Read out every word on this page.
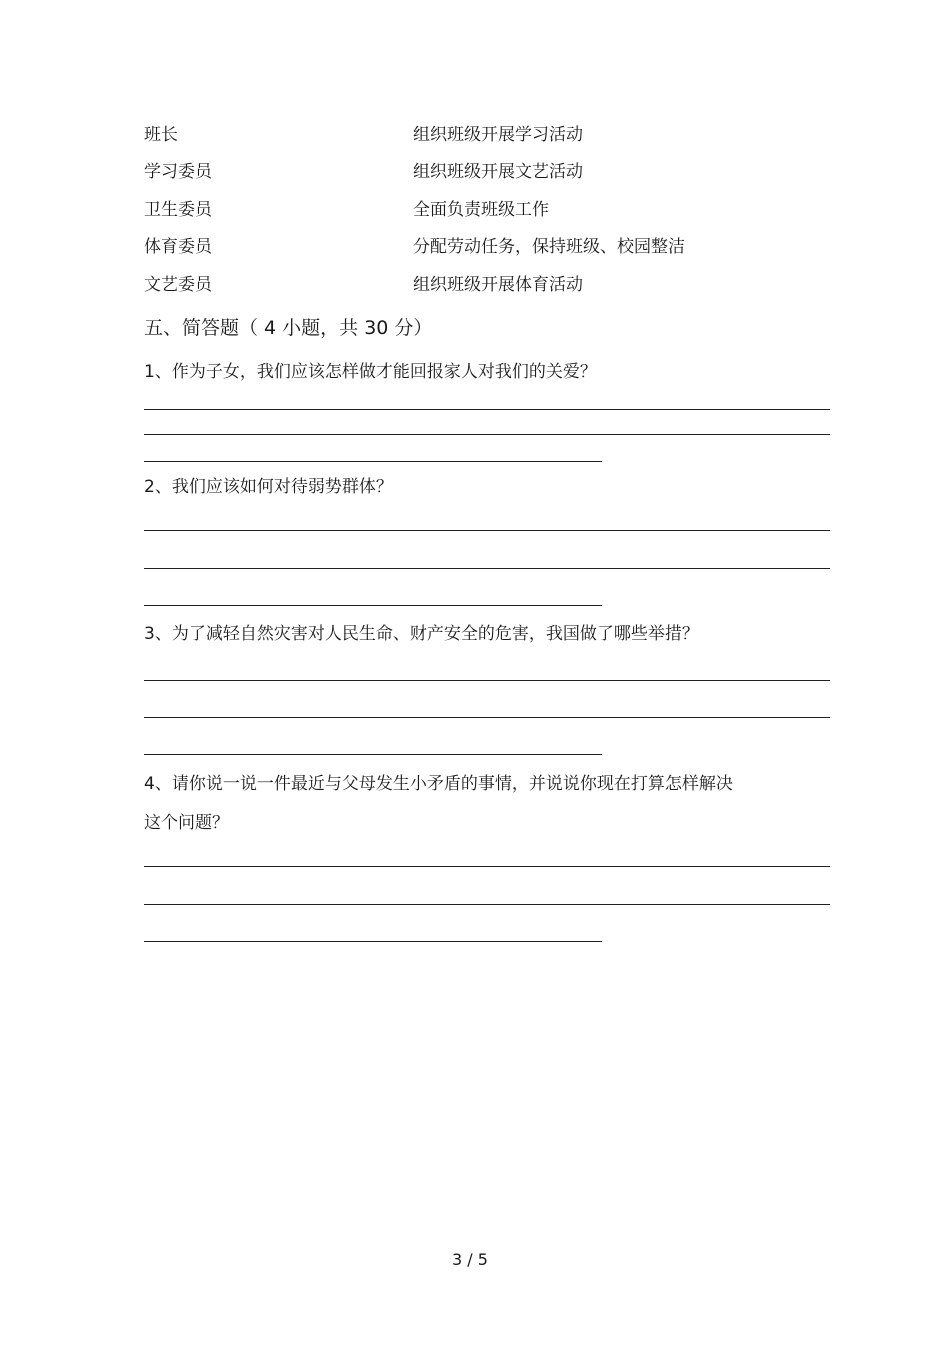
班长	组织班级开展学习活动
学习委员	组织班级开展文艺活动
卫生委员	全面负责班级工作
体育委员	分配劳动任务，保持班级、校园整洁
文艺委员	组织班级开展体育活动
五、简答题（ 4 小题，共 30 分）
1、作为子女，我们应该怎样做才能回报家人对我们的关爱？
2、我们应该如何对待弱势群体？
3、为了减轻自然灾害对人民生命、财产安全的危害，我国做了哪些举措？
4、请你说一说一件最近与父母发生小矛盾的事情，并说说你现在打算怎样解决
这个问题？
3 / 5
